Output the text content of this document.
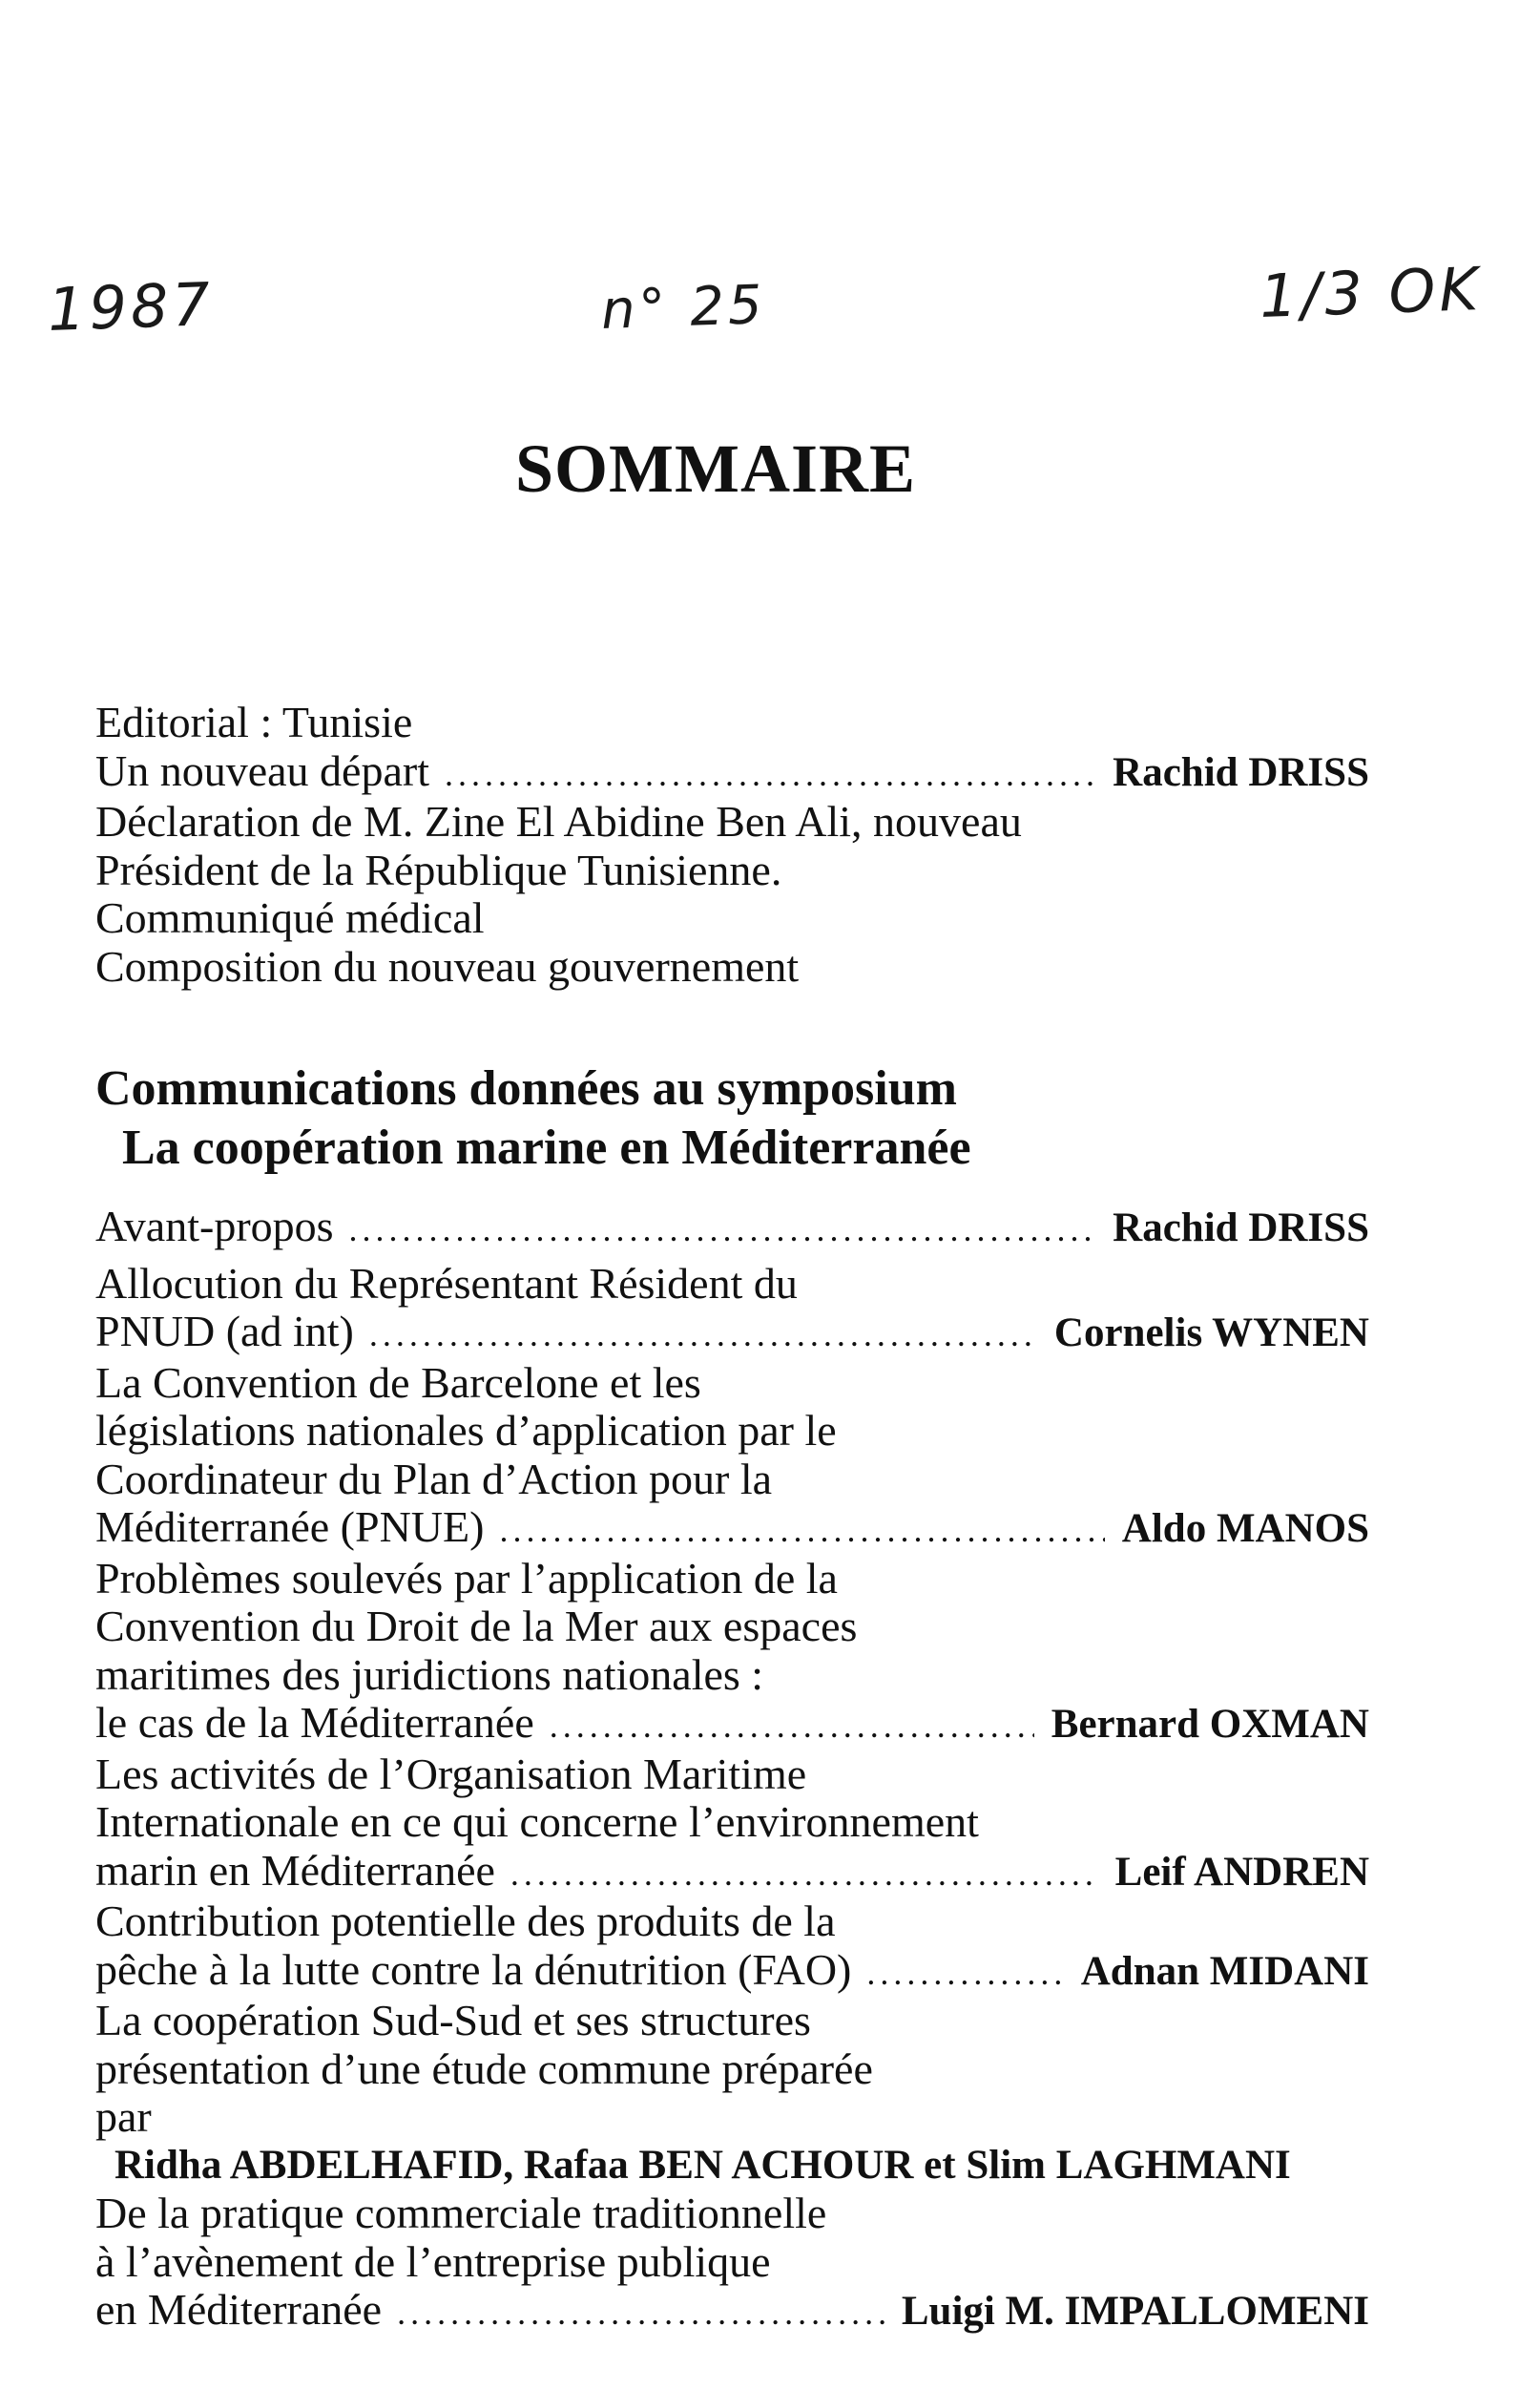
1987	n° 25	1/3 OK
SOMMAIRE
Editorial : Tunisie
Un nouveau départ .....	Rachid DRISS
Déclaration de M. Zine El Abidine Ben Ali, nouveau
Président de la République Tunisienne.
Communiqué médical
Composition du nouveau gouvernement
Communications données au symposium
La coopération marine en Méditerranée
Avant-propos .....	Rachid DRISS
Allocution du Représentant Résident du
PNUD (ad int) .....	Cornelis WYNEN
La Convention de Barcelone et les
législations nationales d’application par le
Coordinateur du Plan d’Action pour la
Méditerranée (PNUE) .....	Aldo MANOS
Problèmes soulevés par l’application de la
Convention du Droit de la Mer aux espaces
maritimes des juridictions nationales :
le cas de la Méditerranée .....	Bernard OXMAN
Les activités de l’Organisation Maritime
Internationale en ce qui concerne l’environnement
marin en Méditerranée .....	Leif ANDREN
Contribution potentielle des produits de la
pêche à la lutte contre la dénutrition (FAO) .....	Adnan MIDANI
La coopération Sud-Sud et ses structures
présentation d’une étude commune préparée
par
Ridha ABDELHAFID, Rafaa BEN ACHOUR et Slim LAGHMANI
De la pratique commerciale traditionnelle
à l’avènement de l’entreprise publique
en Méditerranée .....	Luigi M. IMPALLOMENI
